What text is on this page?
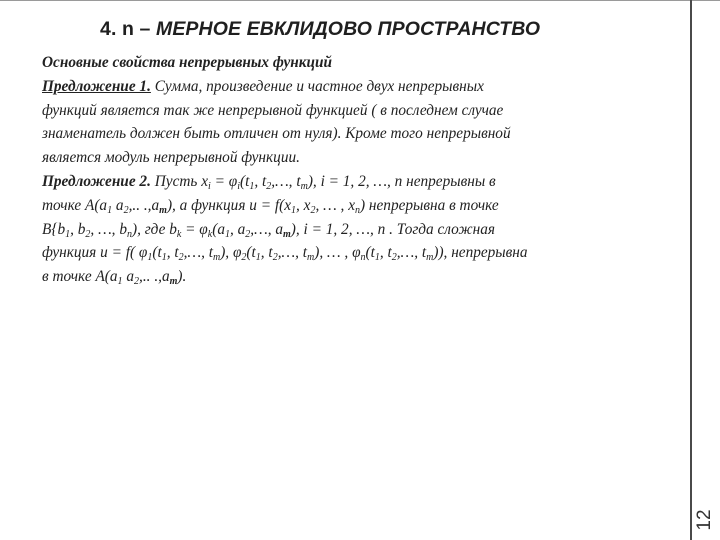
4. n – МЕРНОЕ ЕВКЛИДОВО ПРОСТРАНСТВО
Основные свойства непрерывных функций
Предложение 1. Сумма, произведение и частное двух непрерывных
функций является так же непрерывной функцией ( в последнем случае
знаменатель должен быть отличен от нуля). Кроме того непрерывной
является модуль непрерывной функции.
Предложение 2. Пусть $x_i = \varphi_i(t_1$, $t_2,\dots$, $t_m$), i = 1, 2, …, n непрерывны в
точке $A(a_1$ $a_2$,.. $.,a_m$), а функция $u = f(x_1$, $x_2$, … , $x_n$) непрерывна в точке
$B\{b_1$, $b_2$, …, $b_n$), где $b_k = \varphi_k(a_1$, $a_2,\dots$, $a_m$), i = 1, 2, …, n . Тогда сложная
функция u = f( $\varphi_1(t_1$, $t_2,\dots$, $t_m$), $\varphi_2(t_1$, $t_2,\dots$, $t_m$), … , $\varphi_n(t_1$, $t_2,\dots$, $t_m$)), непрерывна
в точке $A(a_1$ $a_2$,.. $.,a_m$).
12
